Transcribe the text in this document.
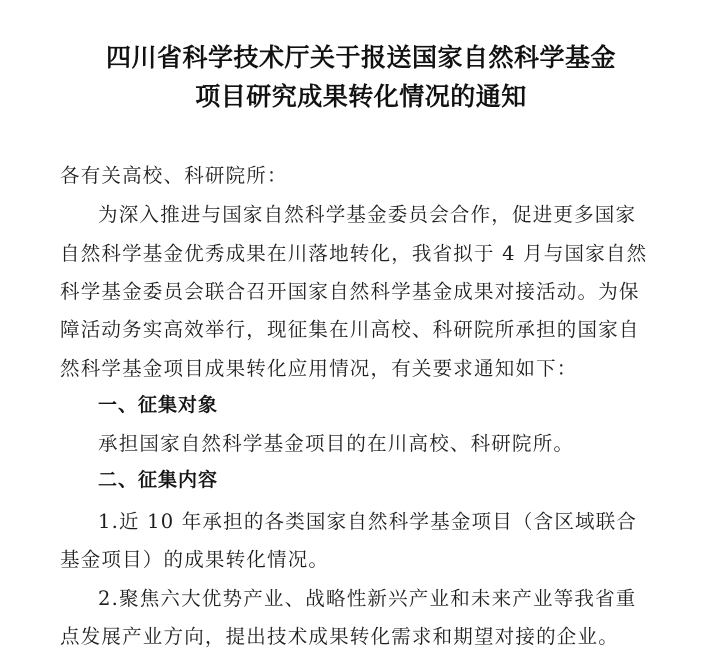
四川省科学技术厅关于报送国家自然科学基金
项目研究成果转化情况的通知
各有关高校、科研院所：
为深入推进与国家自然科学基金委员会合作，促进更多国家
自然科学基金优秀成果在川落地转化，我省拟于 4 月与国家自然
科学基金委员会联合召开国家自然科学基金成果对接活动。为保
障活动务实高效举行，现征集在川高校、科研院所承担的国家自
然科学基金项目成果转化应用情况，有关要求通知如下：
一、征集对象
承担国家自然科学基金项目的在川高校、科研院所。
二、征集内容
1.近 10 年承担的各类国家自然科学基金项目（含区域联合
基金项目）的成果转化情况。
2.聚焦六大优势产业、战略性新兴产业和未来产业等我省重
点发展产业方向，提出技术成果转化需求和期望对接的企业。
